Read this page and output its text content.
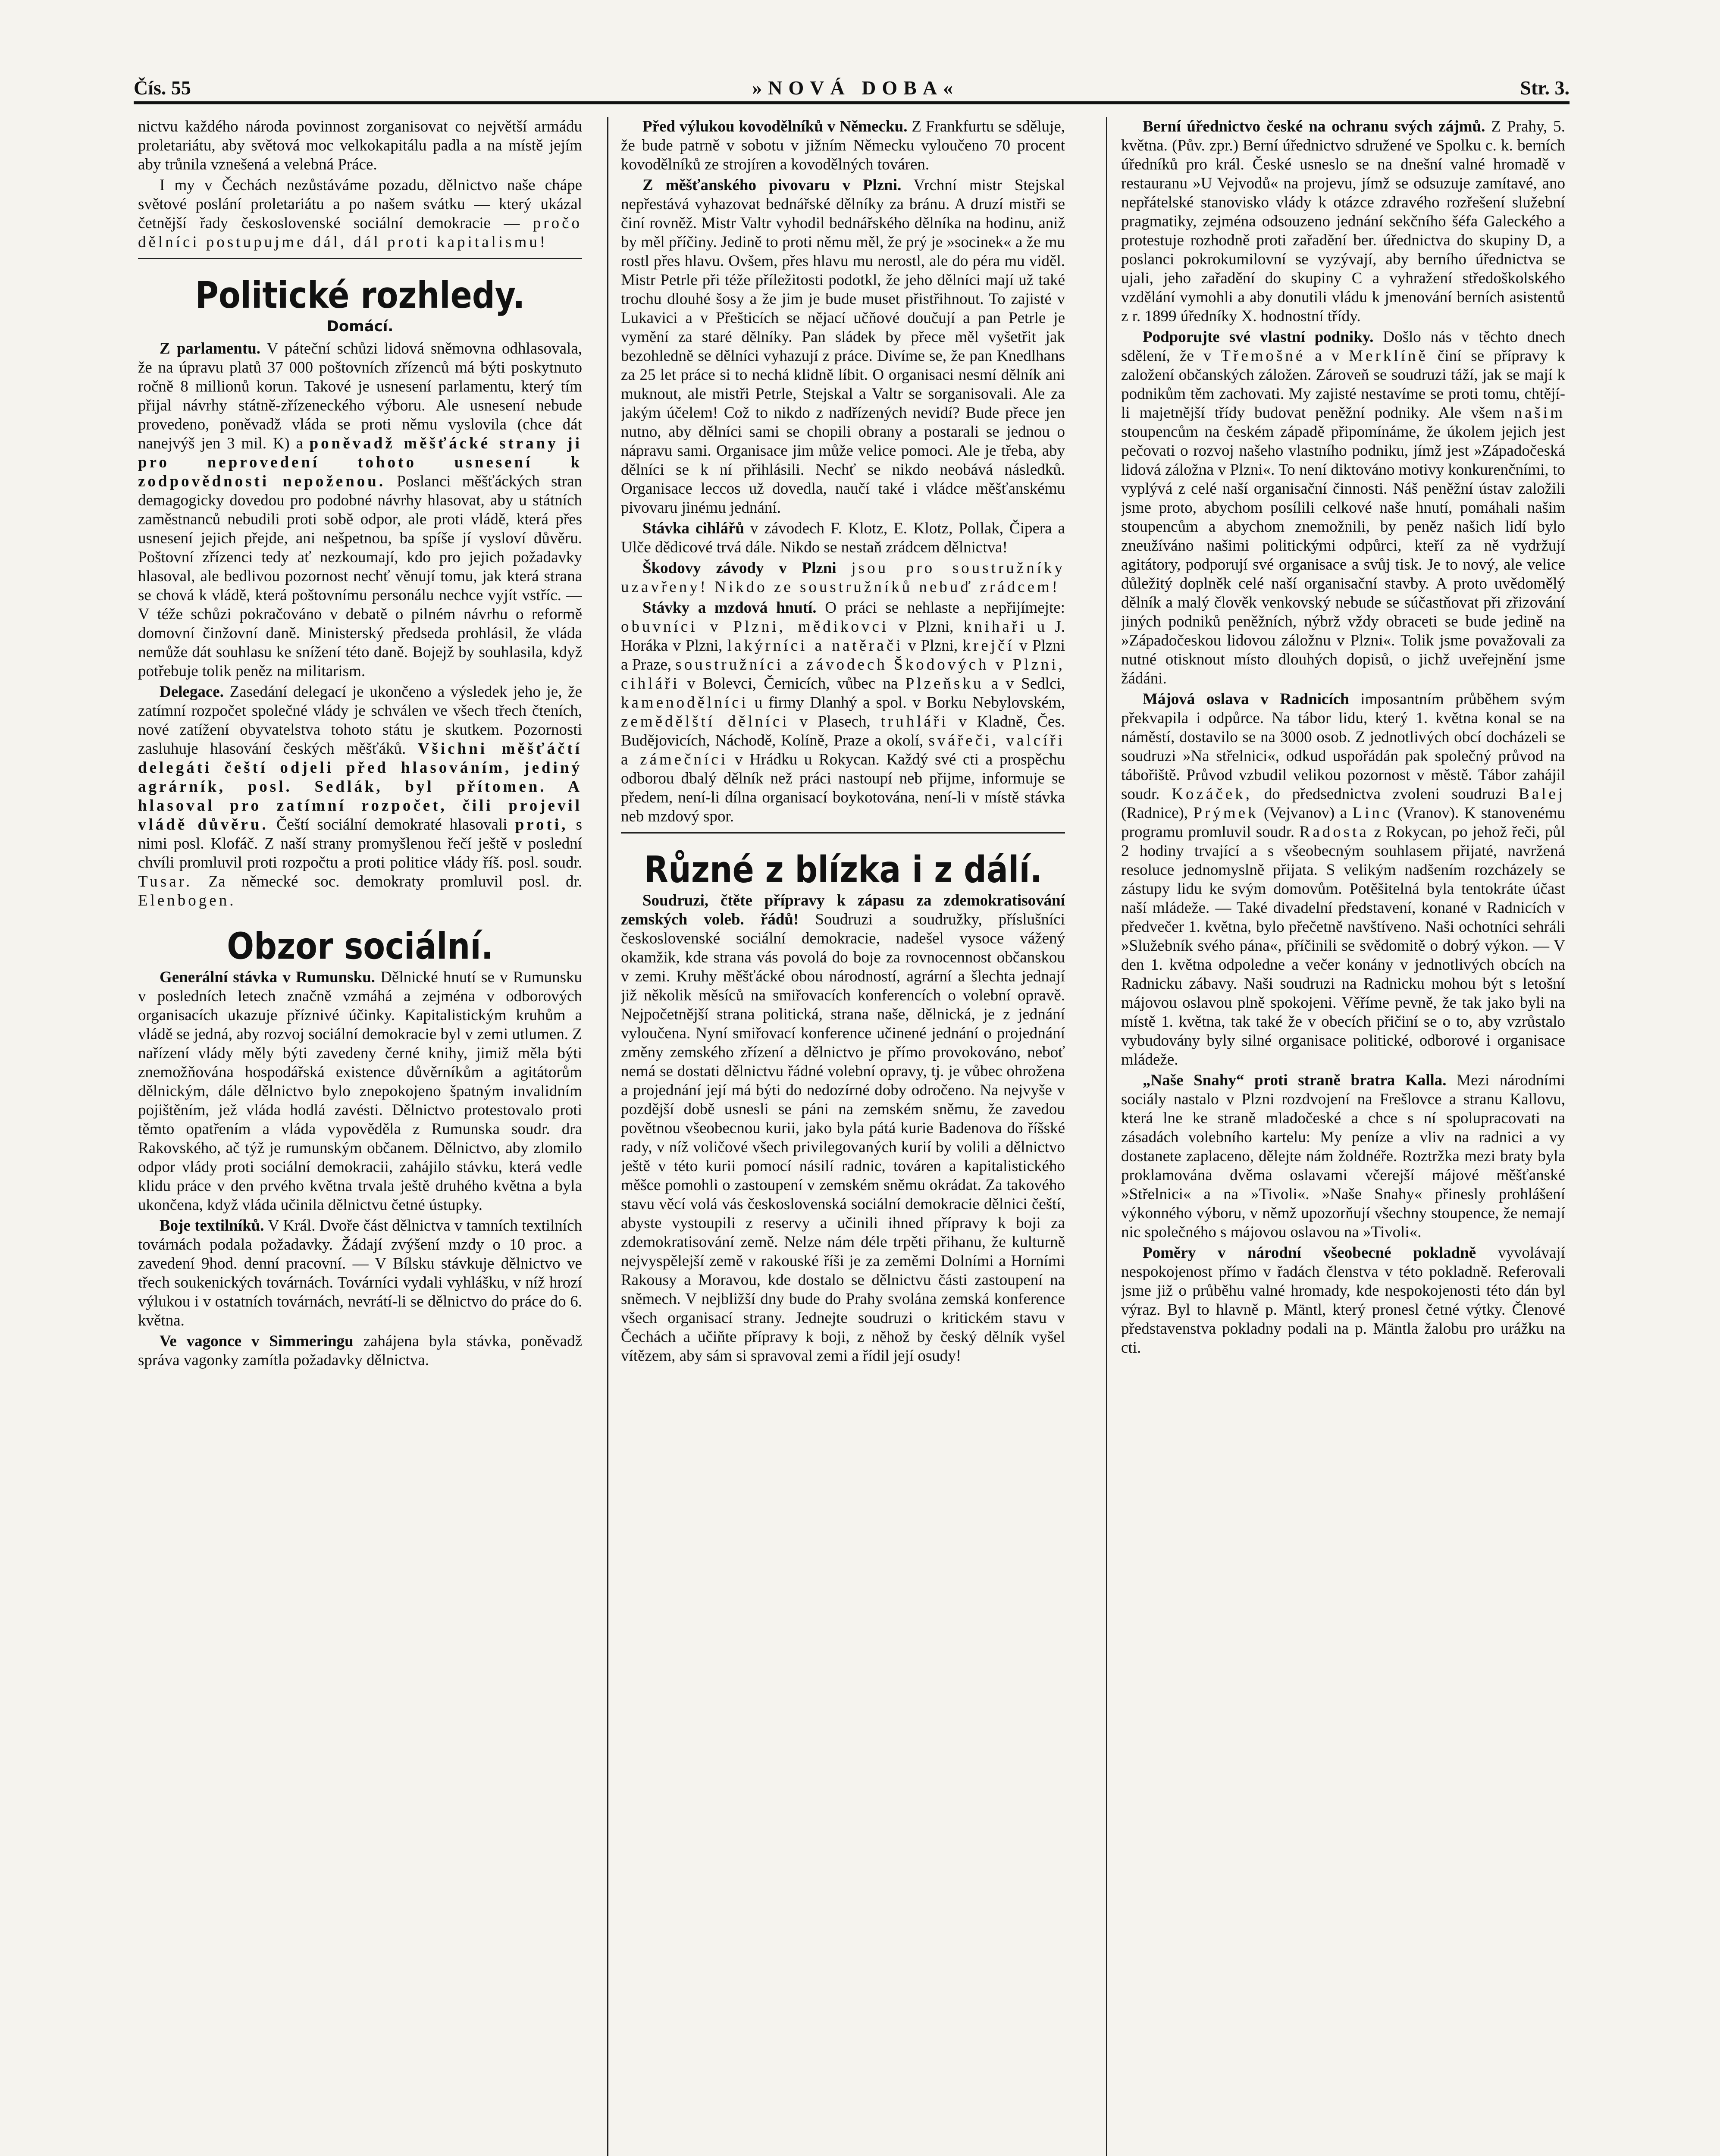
Čís. 55	»NOVÁ DOBA«	Str. 3.

nictvu každého národa povinnost zorganisovat co největší armádu proletariátu, aby světová moc velkokapitálu padla a na místě jejím aby trůnila vznešená a velebná Práce.

I my v Čechách nezůstáváme pozadu, dělnictvo naše chápe světové poslání proletariátu a po našem svátku — který ukázal četnější řady československé sociální demokracie — pročo dělníci postupujme dál, dál proti kapitalismu!

Politické rozhledy.
Domácí.

Z parlamentu. V páteční schůzi lidová sněmovna odhlasovala, že na úpravu platů 37 000 poštovních zřízenců má býti poskytnuto ročně 8 millionů korun. Takové je usnesení parlamentu, který tím přijal návrhy státně-zřízeneckého výboru. Ale usnesení nebude provedeno, poněvadž vláda se proti němu vyslovila (chce dát nanejvýš jen 3 mil. K) a poněvadž měšťácké strany ji pro neprovedení tohoto usnesení k zodpovědnosti nepoženou. Poslanci měšťáckých stran demagogicky dovedou pro podobné návrhy hlasovat, aby u státních zaměstnanců nebudili proti sobě odpor, ale proti vládě, která přes usnesení jejich přejde, ani nešpetnou, ba spíše jí vysloví důvěru. Poštovní zřízenci tedy ať nezkoumají, kdo pro jejich požadavky hlasoval, ale bedlivou pozornost nechť věnují tomu, jak která strana se chová k vládě, která poštovnímu personálu nechce vyjít vstříc. — V téže schůzi pokračováno v debatě o pilném návrhu o reformě domovní činžovní daně. Ministerský předseda prohlásil, že vláda nemůže dát souhlasu ke snížení této daně. Bojejž by souhlasila, když potřebuje tolik peněz na militarism.

Delegace. Zasedání delegací je ukončeno a výsledek jeho je, že zatímní rozpočet společné vlády je schválen ve všech třech čteních, nové zatížení obyvatelstva tohoto státu je skutkem. Pozornosti zasluhuje hlasování českých měšťáků. Všichni měšťáčtí delegáti čeští odjeli před hlasováním, jediný agrárník, posl. Sedlák, byl přítomen. A hlasoval pro zatímní rozpočet, čili projevil vládě důvěru. Čeští sociální demokraté hlasovali proti, s nimi posl. Klofáč. Z naší strany promyšlenou řečí ještě v poslední chvíli promluvil proti rozpočtu a proti politice vlády říš. posl. soudr. Tusar. Za německé soc. demokraty promluvil posl. dr. Elenbogen.

Obzor sociální.

Generální stávka v Rumunsku. Dělnické hnutí se v Rumunsku v posledních letech značně vzmáhá a zejména v odborových organisacích ukazuje příznivé účinky. Kapitalistickým kruhům a vládě se jedná, aby rozvoj sociální demokracie byl v zemi utlumen. Z nařízení vlády měly býti zavedeny černé knihy, jimiž měla býti znemožňována hospodářská existence důvěrníkům a agitátorům dělnickým, dále dělnictvo bylo znepokojeno špatným invalidním pojištěním, jež vláda hodlá zavésti. Dělnictvo protestovalo proti těmto opatřením a vláda vypověděla z Rumunska soudr. dra Rakovského, ač týž je rumunským občanem. Dělnictvo, aby zlomilo odpor vlády proti sociální demokracii, zahájilo stávku, která vedle klidu práce v den prvého května trvala ještě druhého května a byla ukončena, když vláda učinila dělnictvu četné ústupky.

Boje textilníků. V Král. Dvoře část dělnictva v tamních textilních továrnách podala požadavky. Žádají zvýšení mzdy o 10 proc. a zavedení 9hod. denní pracovní. — V Bílsku stávkuje dělnictvo ve třech soukenických továrnách. Továrníci vydali vyhlášku, v níž hrozí výlukou i v ostatních továrnách, nevrátí-li se dělnictvo do práce do 6. května.

Ve vagonce v Simmeringu zahájena byla stávka, poněvadž správa vagonky zamítla požadavky dělnictva.

Před výlukou kovodělníků v Německu. Z Frankfurtu se sděluje, že bude patrně v sobotu v jižním Německu vyloučeno 70 procent kovodělníků ze strojíren a kovodělných továren.

Z měšťanského pivovaru v Plzni. Vrchní mistr Stejskal nepřestává vyhazovat bednářské dělníky za bránu. A druzí mistři se činí rovněž. Mistr Valtr vyhodil bednářského dělníka na hodinu, aniž by měl příčiny. Jedině to proti němu měl, že prý je »socinek« a že mu rostl přes hlavu. Ovšem, přes hlavu mu nerostl, ale do péra mu viděl. Mistr Petrle při téže příležitosti podotkl, že jeho dělníci mají už také trochu dlouhé šosy a že jim je bude muset přistřihnout. To zajisté v Lukavici a v Přešticích se nějací učňové doučují a pan Petrle je vymění za staré dělníky. Pan sládek by přece měl vyšetřit jak bezohledně se dělníci vyhazují z práce. Divíme se, že pan Knedlhans za 25 let práce si to nechá klidně líbit. O organisaci nesmí dělník ani muknout, ale mistři Petrle, Stejskal a Valtr se sorganisovali. Ale za jakým účelem! Což to nikdo z nadřízených nevidí? Bude přece jen nutno, aby dělníci sami se chopili obrany a postarali se jednou o nápravu sami. Organisace jim může velice pomoci. Ale je třeba, aby dělníci se k ní přihlásili. Nechť se nikdo neobává následků. Organisace leccos už dovedla, naučí také i vládce měšťanskému pivovaru jinému jednání.

Stávka cihlářů v závodech F. Klotz, E. Klotz, Pollak, Čipera a Ulče dědicové trvá dále. Nikdo se nestaň zrádcem dělnictva!

Škodovy závody v Plzni jsou pro soustružníky uzavřeny! Nikdo ze soustružníků nebuď zrádcem!

Stávky a mzdová hnutí. O práci se nehlaste a nepřijímejte: obuvníci v Plzni, mědikovci v Plzni, knihaři u J. Horáka v Plzni, lakýrníci a natěrači v Plzni, krejčí v Plzni a Praze, soustružníci a závodech Škodových v Plzni, cihláři v Bolevci, Černicích, vůbec na Plzeňsku a v Sedlci, kamenodělníci u firmy Dlanhý a spol. v Borku Nebylovském, zemědělští dělníci v Plasech, truhláři v Kladně, Čes. Budějovicích, Náchodě, Kolíně, Praze a okolí, svářeči, valcíři a zámečníci v Hrádku u Rokycan. Každý své cti a prospěchu odborou dbalý dělník než práci nastoupí neb přijme, informuje se předem, není-li dílna organisací boykotována, není-li v místě stávka neb mzdový spor.

Různé z blízka i z dálí.

Soudruzi, čtěte přípravy k zápasu za zdemokratisování zemských voleb. řádů! Soudruzi a soudružky, příslušníci československé sociální demokracie, nadešel vysoce vážený okamžik, kde strana vás povolá do boje za rovnocennost občanskou v zemi. Kruhy měšťácké obou národností, agrární a šlechta jednají již několik měsíců na smiřovacích konferencích o volební opravě. Nejpočetnější strana politická, strana naše, dělnická, je z jednání vyloučena. Nyní smiřovací konference učinené jednání o projednání změny zemského zřízení a dělnictvo je přímo provokováno, neboť nemá se dostati dělnictvu řádné volební opravy, tj. je vůbec ohrožena a projednání její má býti do nedozírné doby odročeno. Na nejvyše v pozdější době usnesli se páni na zemském sněmu, že zavedou povětnou všeobecnou kurii, jako byla pátá kurie Badenova do říšské rady, v níž voličové všech privilegovaných kurií by volili a dělnictvo ještě v této kurii pomocí násilí radnic, továren a kapitalistického měšce pomohli o zastoupení v zemském sněmu okrádat. Za takového stavu věcí volá vás československá sociální demokracie dělnici čeští, abyste vystoupili z reservy a učinili ihned přípravy k boji za zdemokratisování země. Nelze nám déle trpěti přihanu, že kulturně nejvyspělejší země v rakouské říši je za zeměmi Dolními a Horními Rakousy a Moravou, kde dostalo se dělnictvu části zastoupení na sněmech. V nejbližší dny bude do Prahy svolána zemská konference všech organisací strany. Jednejte soudruzi o kritickém stavu v Čechách a učiňte přípravy k boji, z něhož by český dělník vyšel vítězem, aby sám si spravoval zemi a řídil její osudy!

Berní úřednictvo české na ochranu svých zájmů. Z Prahy, 5. května. (Pův. zpr.) Berní úřednictvo sdružené ve Spolku c. k. berních úředníků pro král. České usneslo se na dnešní valné hromadě v restauranu »U Vejvodů« na projevu, jímž se odsuzuje zamítavé, ano nepřátelské stanovisko vlády k otázce zdravého rozřešení služební pragmatiky, zejména odsouzeno jednání sekčního šéfa Galeckého a protestuje rozhodně proti zařadění ber. úřednictva do skupiny D, a poslanci pokrokumilovní se vyzývají, aby berního úřednictva se ujali, jeho zařadění do skupiny C a vyhražení středoškolského vzdělání vymohli a aby donutili vládu k jmenování berních asistentů z r. 1899 úředníky X. hodnostní třídy.

Podporujte své vlastní podniky. Došlo nás v těchto dnech sdělení, že v Třemošné a v Merklíně činí se přípravy k založení občanských záložen. Zároveň se soudruzi táží, jak se mají k podnikům těm zachovati. My zajisté nestavíme se proti tomu, chtějí-li majetnější třídy budovat peněžní podniky. Ale všem našim stoupencům na českém západě připomínáme, že úkolem jejich jest pečovati o rozvoj našeho vlastního podniku, jímž jest »Západočeská lidová záložna v Plzni«. To není diktováno motivy konkurenčními, to vyplývá z celé naší organisační činnosti. Náš peněžní ústav založili jsme proto, abychom posílili celkové naše hnutí, pomáhali našim stoupencům a abychom znemožnili, by peněz našich lidí bylo zneužíváno našimi politickými odpůrci, kteří za ně vydržují agitátory, podporují své organisace a svůj tisk. Je to nový, ale velice důležitý doplněk celé naší organisační stavby. A proto uvědomělý dělník a malý člověk venkovský nebude se súčastňovat při zřizování jiných podniků peněžních, nýbrž vždy obraceti se bude jedině na »Západočeskou lidovou záložnu v Plzni«. Tolik jsme považovali za nutné otisknout místo dlouhých dopisů, o jichž uveřejnění jsme žádáni.

Májová oslava v Radnicích imposantním průběhem svým překvapila i odpůrce. Na tábor lidu, který 1. května konal se na náměstí, dostavilo se na 3000 osob. Z jednotlivých obcí docházeli se soudruzi »Na střelnici«, odkud uspořádán pak společný průvod na tábořiště. Průvod vzbudil velikou pozornost v městě. Tábor zahájil soudr. Kozáček, do předsednictva zvoleni soudruzi Balej (Radnice), Prýmek (Vejvanov) a Linc (Vranov). K stanovenému programu promluvil soudr. Radosta z Rokycan, po jehož řeči, půl 2 hodiny trvající a s všeobecným souhlasem přijaté, navržená resoluce jednomyslně přijata. S velikým nadšením rozcházely se zástupy lidu ke svým domovům. Potěšitelná byla tentokráte účast naší mládeže. — Také divadelní představení, konané v Radnicích v předvečer 1. května, bylo přečetně navštíveno. Naši ochotníci sehráli »Služebník svého pána«, příčinili se svědomitě o dobrý výkon. — V den 1. května odpoledne a večer konány v jednotlivých obcích na Radnicku zábavy. Naši soudruzi na Radnicku mohou být s letošní májovou oslavou plně spokojeni. Věříme pevně, že tak jako byli na místě 1. května, tak také že v obecích přičiní se o to, aby vzrůstalo vybudovány byly silné organisace politické, odborové i organisace mládeže.

„Naše Snahy“ proti straně bratra Kalla. Mezi národními sociály nastalo v Plzni rozdvojení na Frešlovce a stranu Kallovu, která lne ke straně mladočeské a chce s ní spolupracovati na zásadách volebního kartelu: My peníze a vliv na radnici a vy dostanete zaplaceno, dělejte nám žoldnéře. Roztržka mezi braty byla proklamována dvěma oslavami včerejší májové měšťanské »Střelnici« a na »Tivoli«. »Naše Snahy« přinesly prohlášení výkonného výboru, v němž upozorňují všechny stoupence, že nemají nic společného s májovou oslavou na »Tivoli«.

Poměry v národní všeobecné pokladně vyvolávají nespokojenost přímo v řadách členstva v této pokladně. Referovali jsme již o průběhu valné hromady, kde nespokojenosti této dán byl výraz. Byl to hlavně p. Mäntl, který pronesl četné výtky. Členové představenstva pokladny podali na p. Mäntla žalobu pro urážku na cti.
